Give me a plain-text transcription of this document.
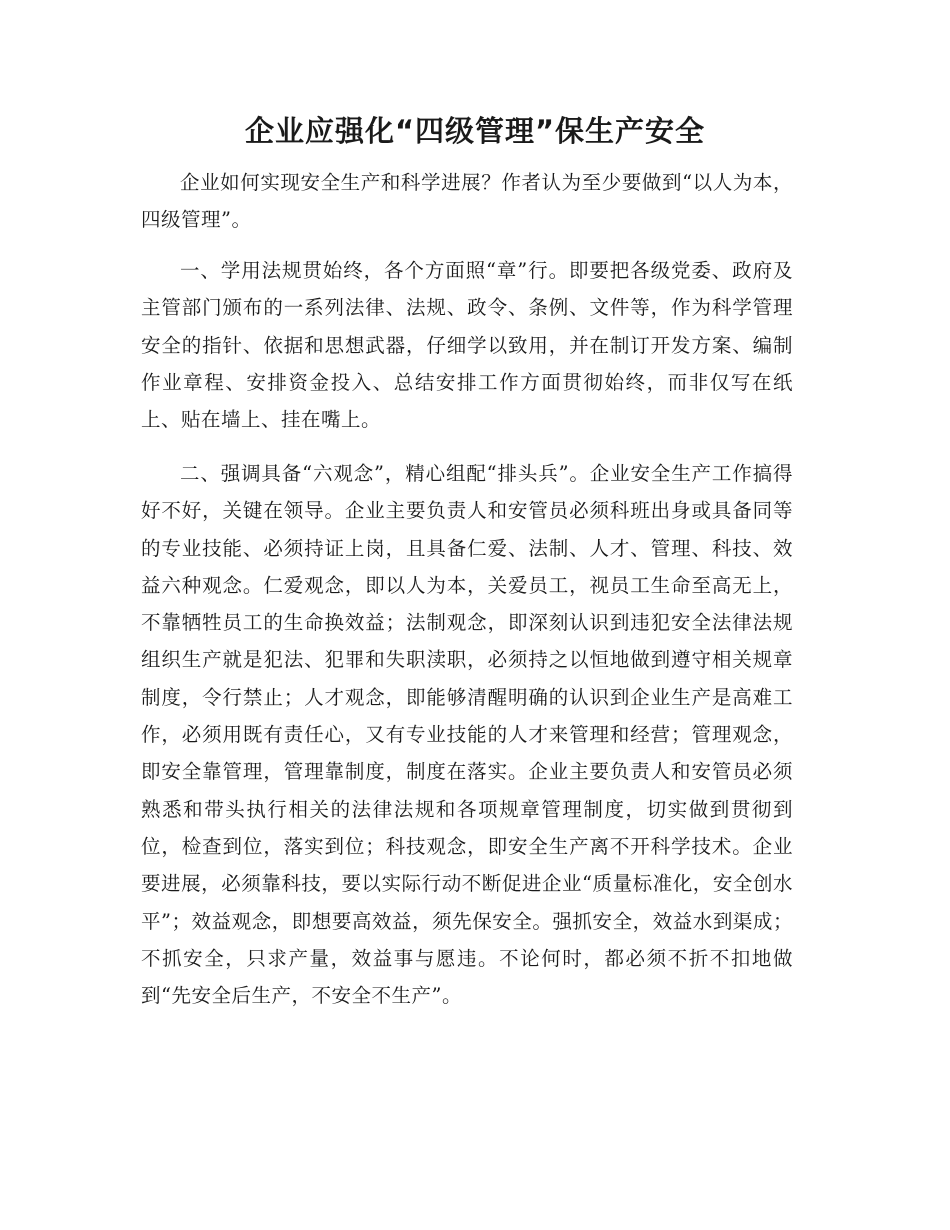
企业应强化“四级管理”保生产安全

企业如何实现安全生产和科学进展？作者认为至少要做到“以人为本，四级管理”。

一、学用法规贯始终，各个方面照“章”行。即要把各级党委、政府及主管部门颁布的一系列法律、法规、政令、条例、文件等，作为科学管理安全的指针、依据和思想武器，仔细学以致用，并在制订开发方案、编制作业章程、安排资金投入、总结安排工作方面贯彻始终，而非仅写在纸上、贴在墙上、挂在嘴上。

二、强调具备“六观念”，精心组配“排头兵”。企业安全生产工作搞得好不好，关键在领导。企业主要负责人和安管员必须科班出身或具备同等的专业技能、必须持证上岗，且具备仁爱、法制、人才、管理、科技、效益六种观念。仁爱观念，即以人为本，关爱员工，视员工生命至高无上，不靠牺牲员工的生命换效益；法制观念，即深刻认识到违犯安全法律法规组织生产就是犯法、犯罪和失职渎职，必须持之以恒地做到遵守相关规章制度，令行禁止；人才观念，即能够清醒明确的认识到企业生产是高难工作，必须用既有责任心，又有专业技能的人才来管理和经营；管理观念，即安全靠管理，管理靠制度，制度在落实。企业主要负责人和安管员必须熟悉和带头执行相关的法律法规和各项规章管理制度，切实做到贯彻到位，检查到位，落实到位；科技观念，即安全生产离不开科学技术。企业要进展，必须靠科技，要以实际行动不断促进企业“质量标准化，安全创水平”；效益观念，即想要高效益，须先保安全。强抓安全，效益水到渠成；不抓安全，只求产量，效益事与愿违。不论何时，都必须不折不扣地做到“先安全后生产，不安全不生产”。
